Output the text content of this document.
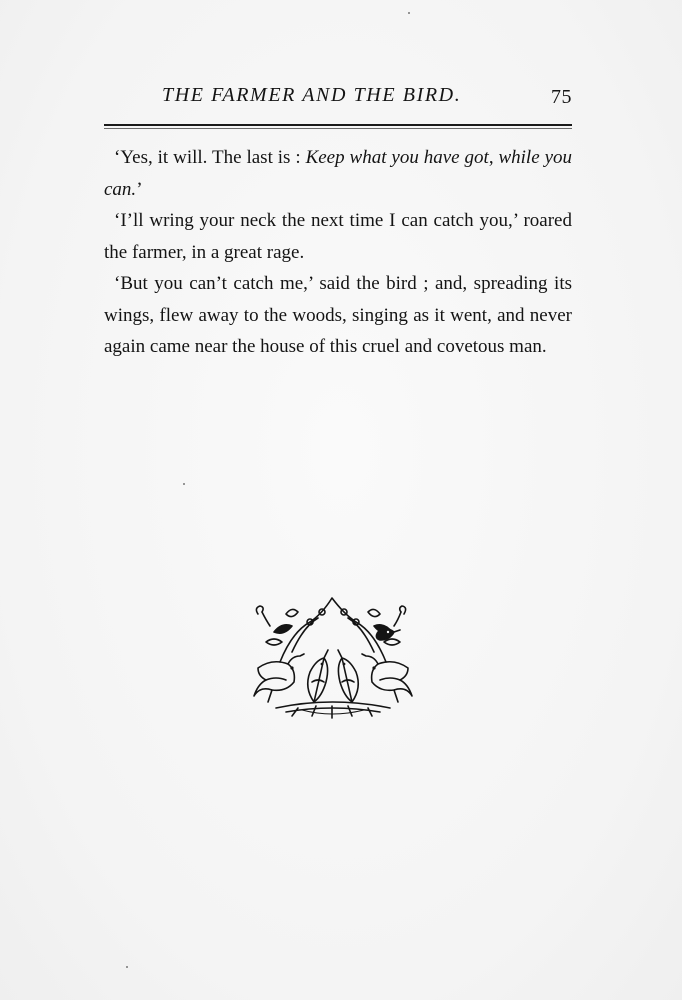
THE FARMER AND THE BIRD.	75

‘Yes, it will. The last is : Keep what you have got, while you can.’

‘I’ll wring your neck the next time I can catch you,’ roared the farmer, in a great rage.

‘But you can’t catch me,’ said the bird ; and, spreading its wings, flew away to the woods, singing as it went, and never again came near the house of this cruel and covetous man.
